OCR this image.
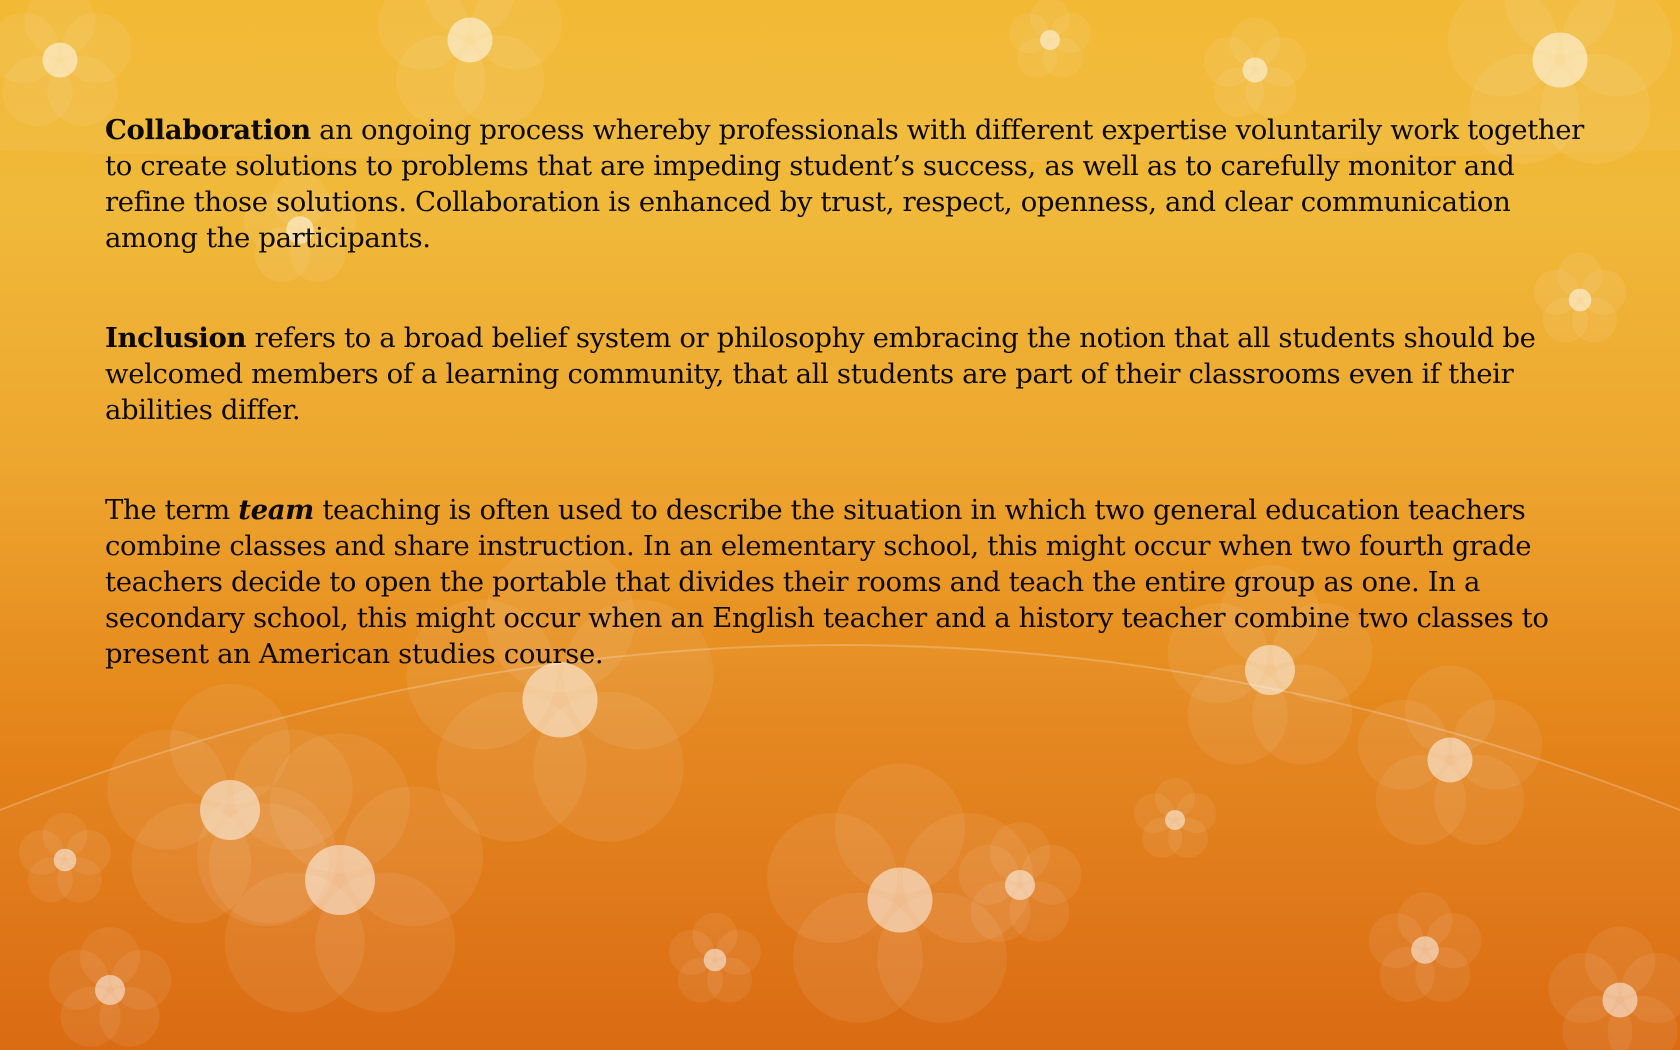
Collaboration an ongoing process whereby professionals with different expertise voluntarily work together to create solutions to problems that are impeding student’s success, as well as to carefully monitor and refine those solutions. Collaboration is enhanced by trust, respect, openness, and clear communication among the participants.

Inclusion refers to a broad belief system or philosophy embracing the notion that all students should be welcomed members of a learning community, that all students are part of their classrooms even if their abilities differ.

The term team teaching is often used to describe the situation in which two general education teachers combine classes and share instruction. In an elementary school, this might occur when two fourth grade teachers decide to open the portable that divides their rooms and teach the entire group as one. In a secondary school, this might occur when an English teacher and a history teacher combine two classes to present an American studies course.
